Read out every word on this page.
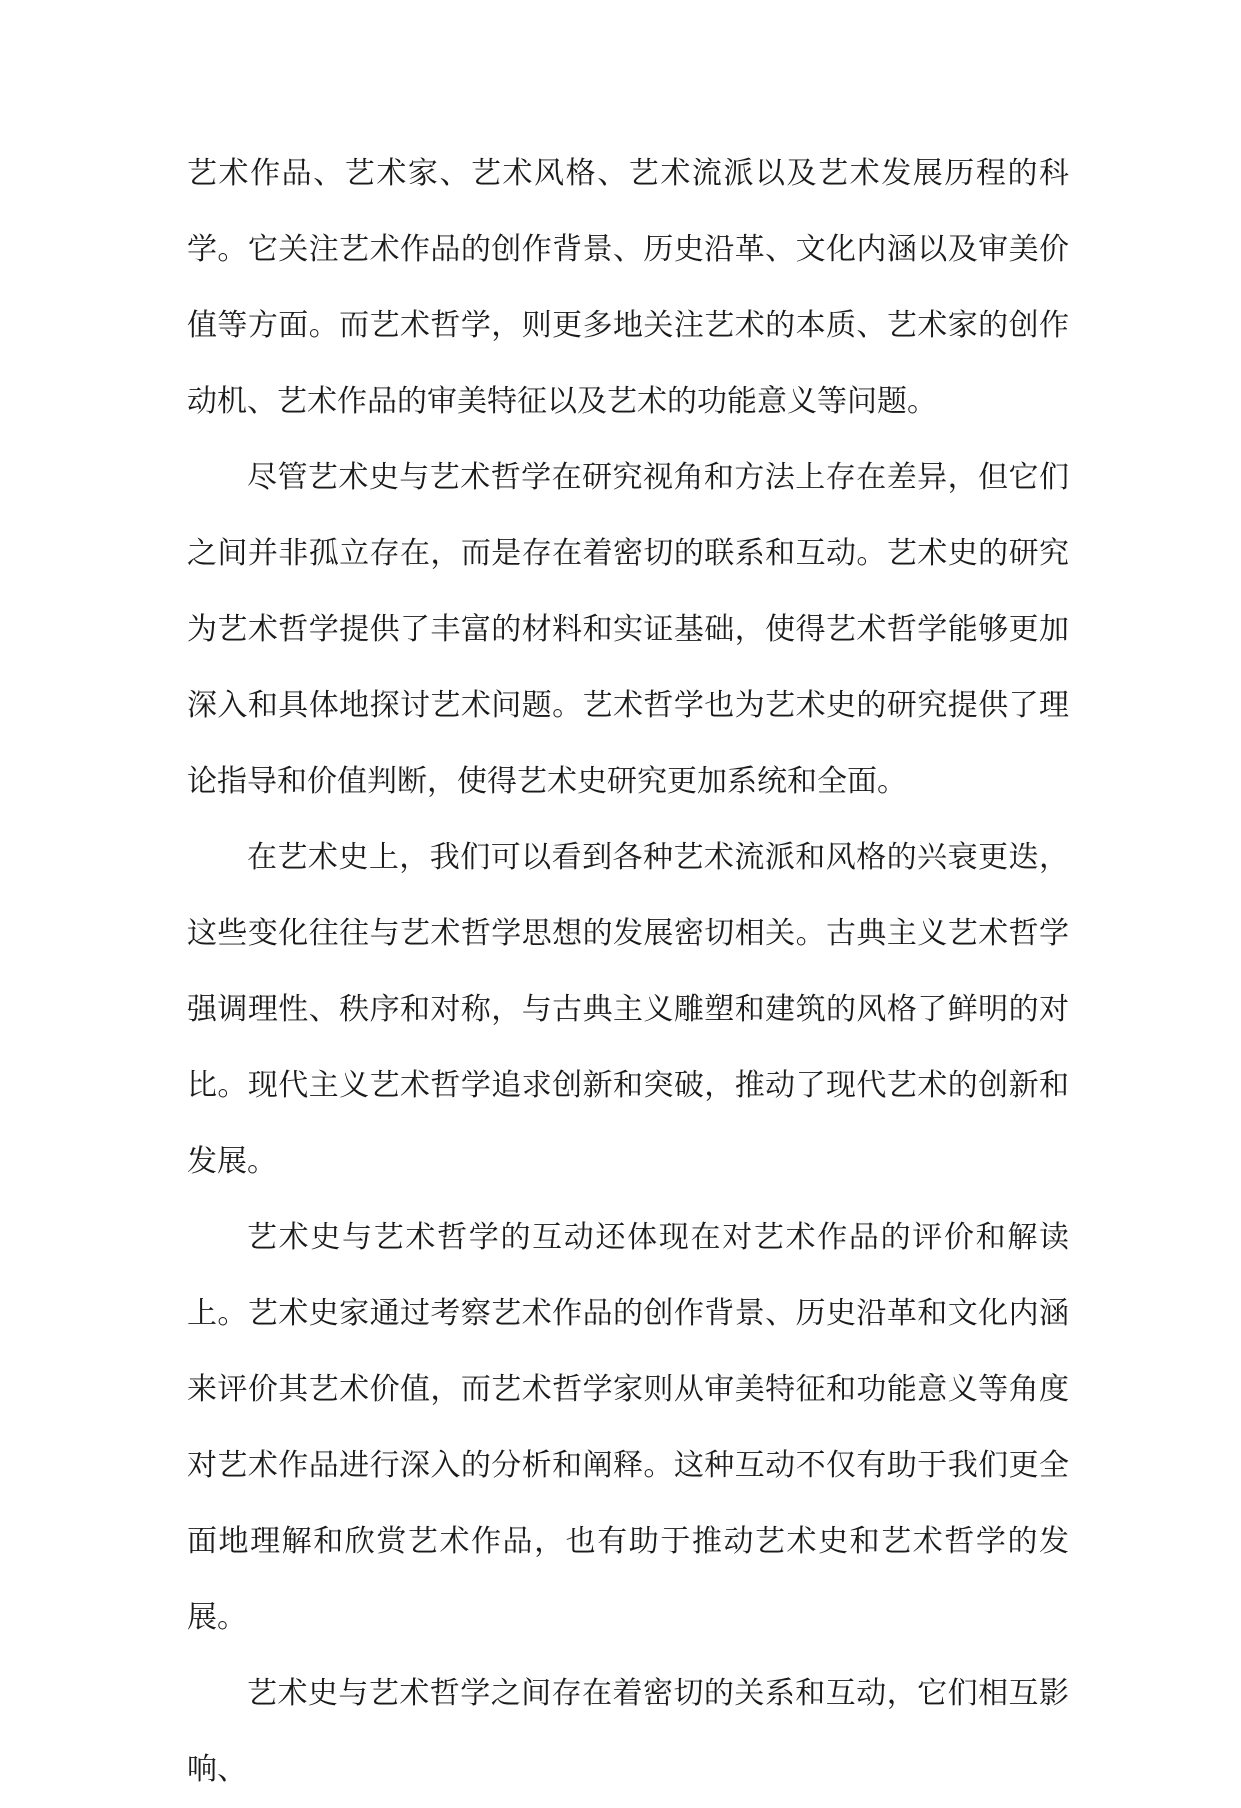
艺术作品、艺术家、艺术风格、艺术流派以及艺术发展历程的科学。它关注艺术作品的创作背景、历史沿革、文化内涵以及审美价值等方面。而艺术哲学，则更多地关注艺术的本质、艺术家的创作动机、艺术作品的审美特征以及艺术的功能意义等问题。

尽管艺术史与艺术哲学在研究视角和方法上存在差异，但它们之间并非孤立存在，而是存在着密切的联系和互动。艺术史的研究为艺术哲学提供了丰富的材料和实证基础，使得艺术哲学能够更加深入和具体地探讨艺术问题。艺术哲学也为艺术史的研究提供了理论指导和价值判断，使得艺术史研究更加系统和全面。

在艺术史上，我们可以看到各种艺术流派和风格的兴衰更迭，这些变化往往与艺术哲学思想的发展密切相关。古典主义艺术哲学强调理性、秩序和对称，与古典主义雕塑和建筑的风格了鲜明的对比。现代主义艺术哲学追求创新和突破，推动了现代艺术的创新和发展。

艺术史与艺术哲学的互动还体现在对艺术作品的评价和解读上。艺术史家通过考察艺术作品的创作背景、历史沿革和文化内涵来评价其艺术价值，而艺术哲学家则从审美特征和功能意义等角度对艺术作品进行深入的分析和阐释。这种互动不仅有助于我们更全面地理解和欣赏艺术作品，也有助于推动艺术史和艺术哲学的发展。

艺术史与艺术哲学之间存在着密切的关系和互动，它们相互影响、
